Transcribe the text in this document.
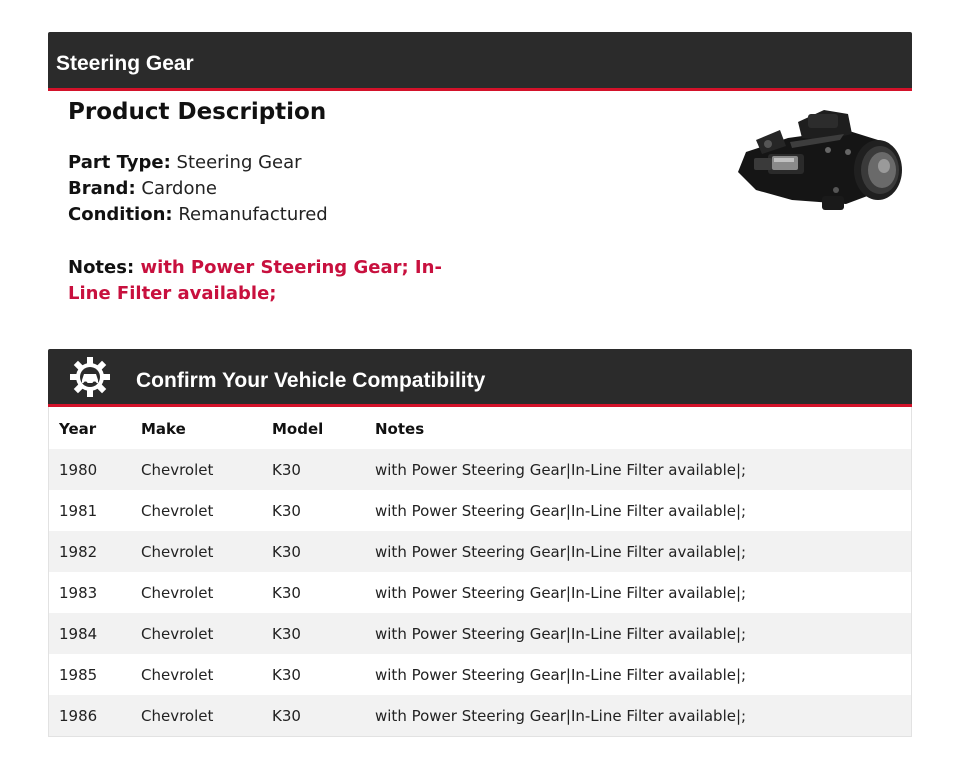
Steering Gear
Product Description
Part Type: Steering Gear
Brand: Cardone
Condition: Remanufactured
Notes: with Power Steering Gear; In-Line Filter available;
Confirm Your Vehicle Compatibility
Year	Make	Model	Notes
1980	Chevrolet	K30	with Power Steering Gear|In-Line Filter available|;
1981	Chevrolet	K30	with Power Steering Gear|In-Line Filter available|;
1982	Chevrolet	K30	with Power Steering Gear|In-Line Filter available|;
1983	Chevrolet	K30	with Power Steering Gear|In-Line Filter available|;
1984	Chevrolet	K30	with Power Steering Gear|In-Line Filter available|;
1985	Chevrolet	K30	with Power Steering Gear|In-Line Filter available|;
1986	Chevrolet	K30	with Power Steering Gear|In-Line Filter available|;
